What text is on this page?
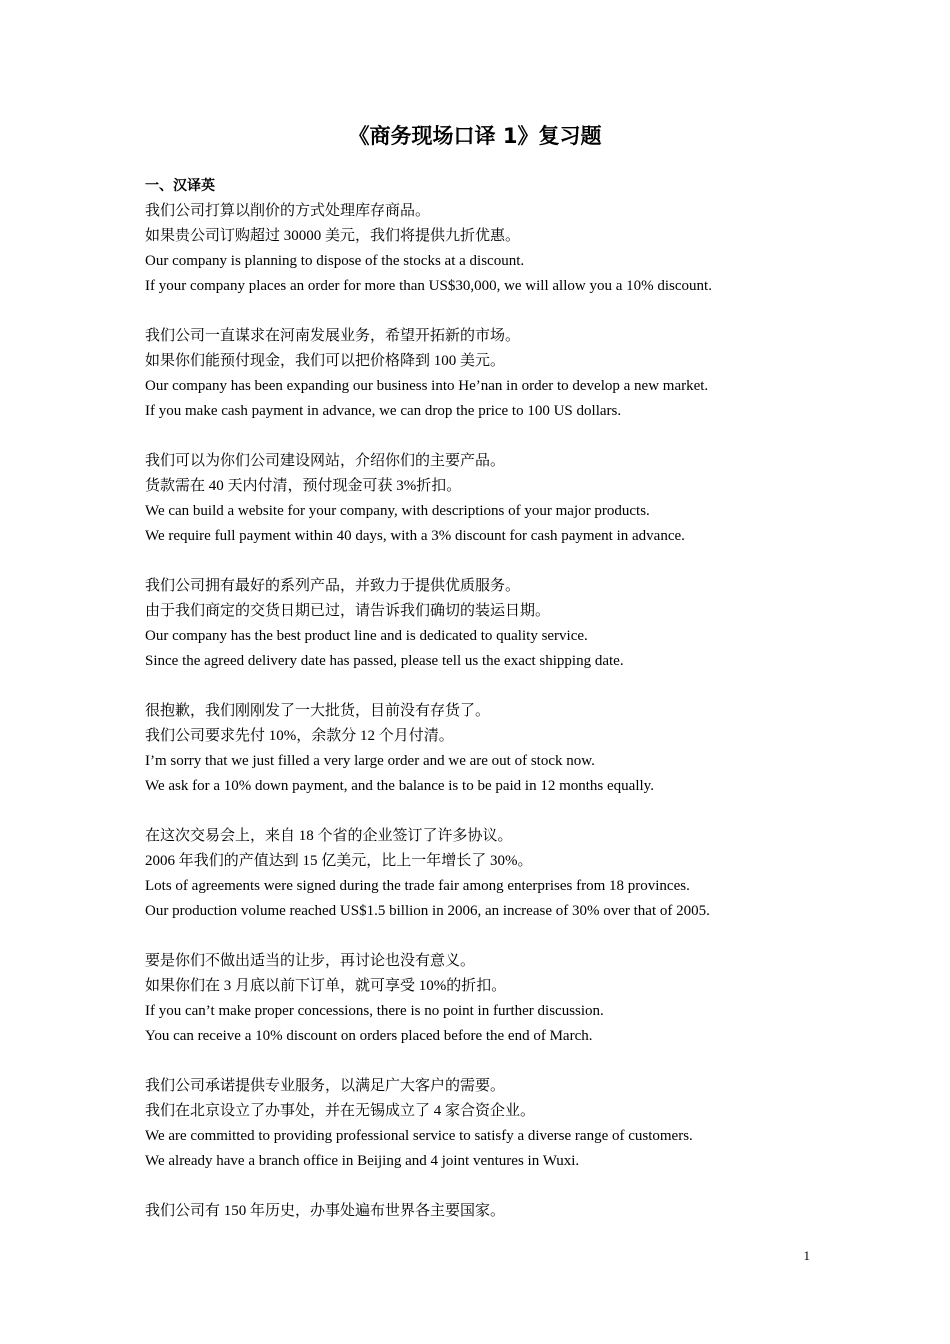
《商务现场口译 1》复习题
一、汉译英
我们公司打算以削价的方式处理库存商品。
如果贵公司订购超过 30000 美元，我们将提供九折优惠。
Our company is planning to dispose of the stocks at a discount.
If your company places an order for more than US$30,000, we will allow you a 10% discount.
我们公司一直谋求在河南发展业务，希望开拓新的市场。
如果你们能预付现金，我们可以把价格降到 100 美元。
Our company has been expanding our business into He’nan in order to develop a new market.
If you make cash payment in advance, we can drop the price to 100 US dollars.
我们可以为你们公司建设网站，介绍你们的主要产品。
货款需在 40 天内付清，预付现金可获 3%折扣。
We can build a website for your company, with descriptions of your major products.
We require full payment within 40 days, with a 3% discount for cash payment in advance.
我们公司拥有最好的系列产品，并致力于提供优质服务。
由于我们商定的交货日期已过，请告诉我们确切的装运日期。
Our company has the best product line and is dedicated to quality service.
Since the agreed delivery date has passed, please tell us the exact shipping date.
很抱歉，我们刚刚发了一大批货，目前没有存货了。
我们公司要求先付 10%，余款分 12 个月付清。
I’m sorry that we just filled a very large order and we are out of stock now.
We ask for a 10% down payment, and the balance is to be paid in 12 months equally.
在这次交易会上，来自 18 个省的企业签订了许多协议。
2006 年我们的产值达到 15 亿美元，比上一年增长了 30%。
Lots of agreements were signed during the trade fair among enterprises from 18 provinces.
Our production volume reached US$1.5 billion in 2006, an increase of 30% over that of 2005.
要是你们不做出适当的让步，再讨论也没有意义。
如果你们在 3 月底以前下订单，就可享受 10%的折扣。
If you can’t make proper concessions, there is no point in further discussion.
You can receive a 10% discount on orders placed before the end of March.
我们公司承诺提供专业服务，以满足广大客户的需要。
我们在北京设立了办事处，并在无锡成立了 4 家合资企业。
We are committed to providing professional service to satisfy a diverse range of customers.
We already have a branch office in Beijing and 4 joint ventures in Wuxi.
我们公司有 150 年历史，办事处遍布世界各主要国家。
1
